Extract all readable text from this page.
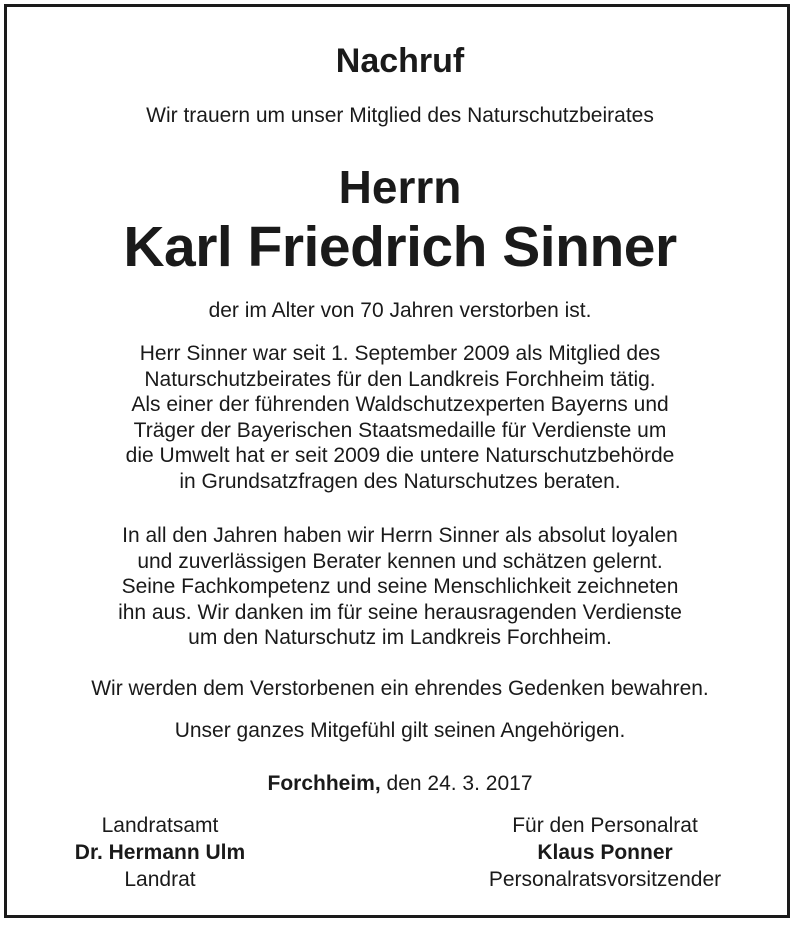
Nachruf
Wir trauern um unser Mitglied des Naturschutzbeirates
Herrn
Karl Friedrich Sinner
der im Alter von 70 Jahren verstorben ist.
Herr Sinner war seit 1. September 2009 als Mitglied des
Naturschutzbeirates für den Landkreis Forchheim tätig.
Als einer der führenden Waldschutzexperten Bayerns und
Träger der Bayerischen Staatsmedaille für Verdienste um
die Umwelt hat er seit 2009 die untere Naturschutzbehörde
in Grundsatzfragen des Naturschutzes beraten.
In all den Jahren haben wir Herrn Sinner als absolut loyalen
und zuverlässigen Berater kennen und schätzen gelernt.
Seine Fachkompetenz und seine Menschlichkeit zeichneten
ihn aus. Wir danken im für seine herausragenden Verdienste
um den Naturschutz im Landkreis Forchheim.
Wir werden dem Verstorbenen ein ehrendes Gedenken bewahren.
Unser ganzes Mitgefühl gilt seinen Angehörigen.
Forchheim, den 24. 3. 2017
Landratsamt
Dr. Hermann Ulm
Landrat
Für den Personalrat
Klaus Ponner
Personalratsvorsitzender
